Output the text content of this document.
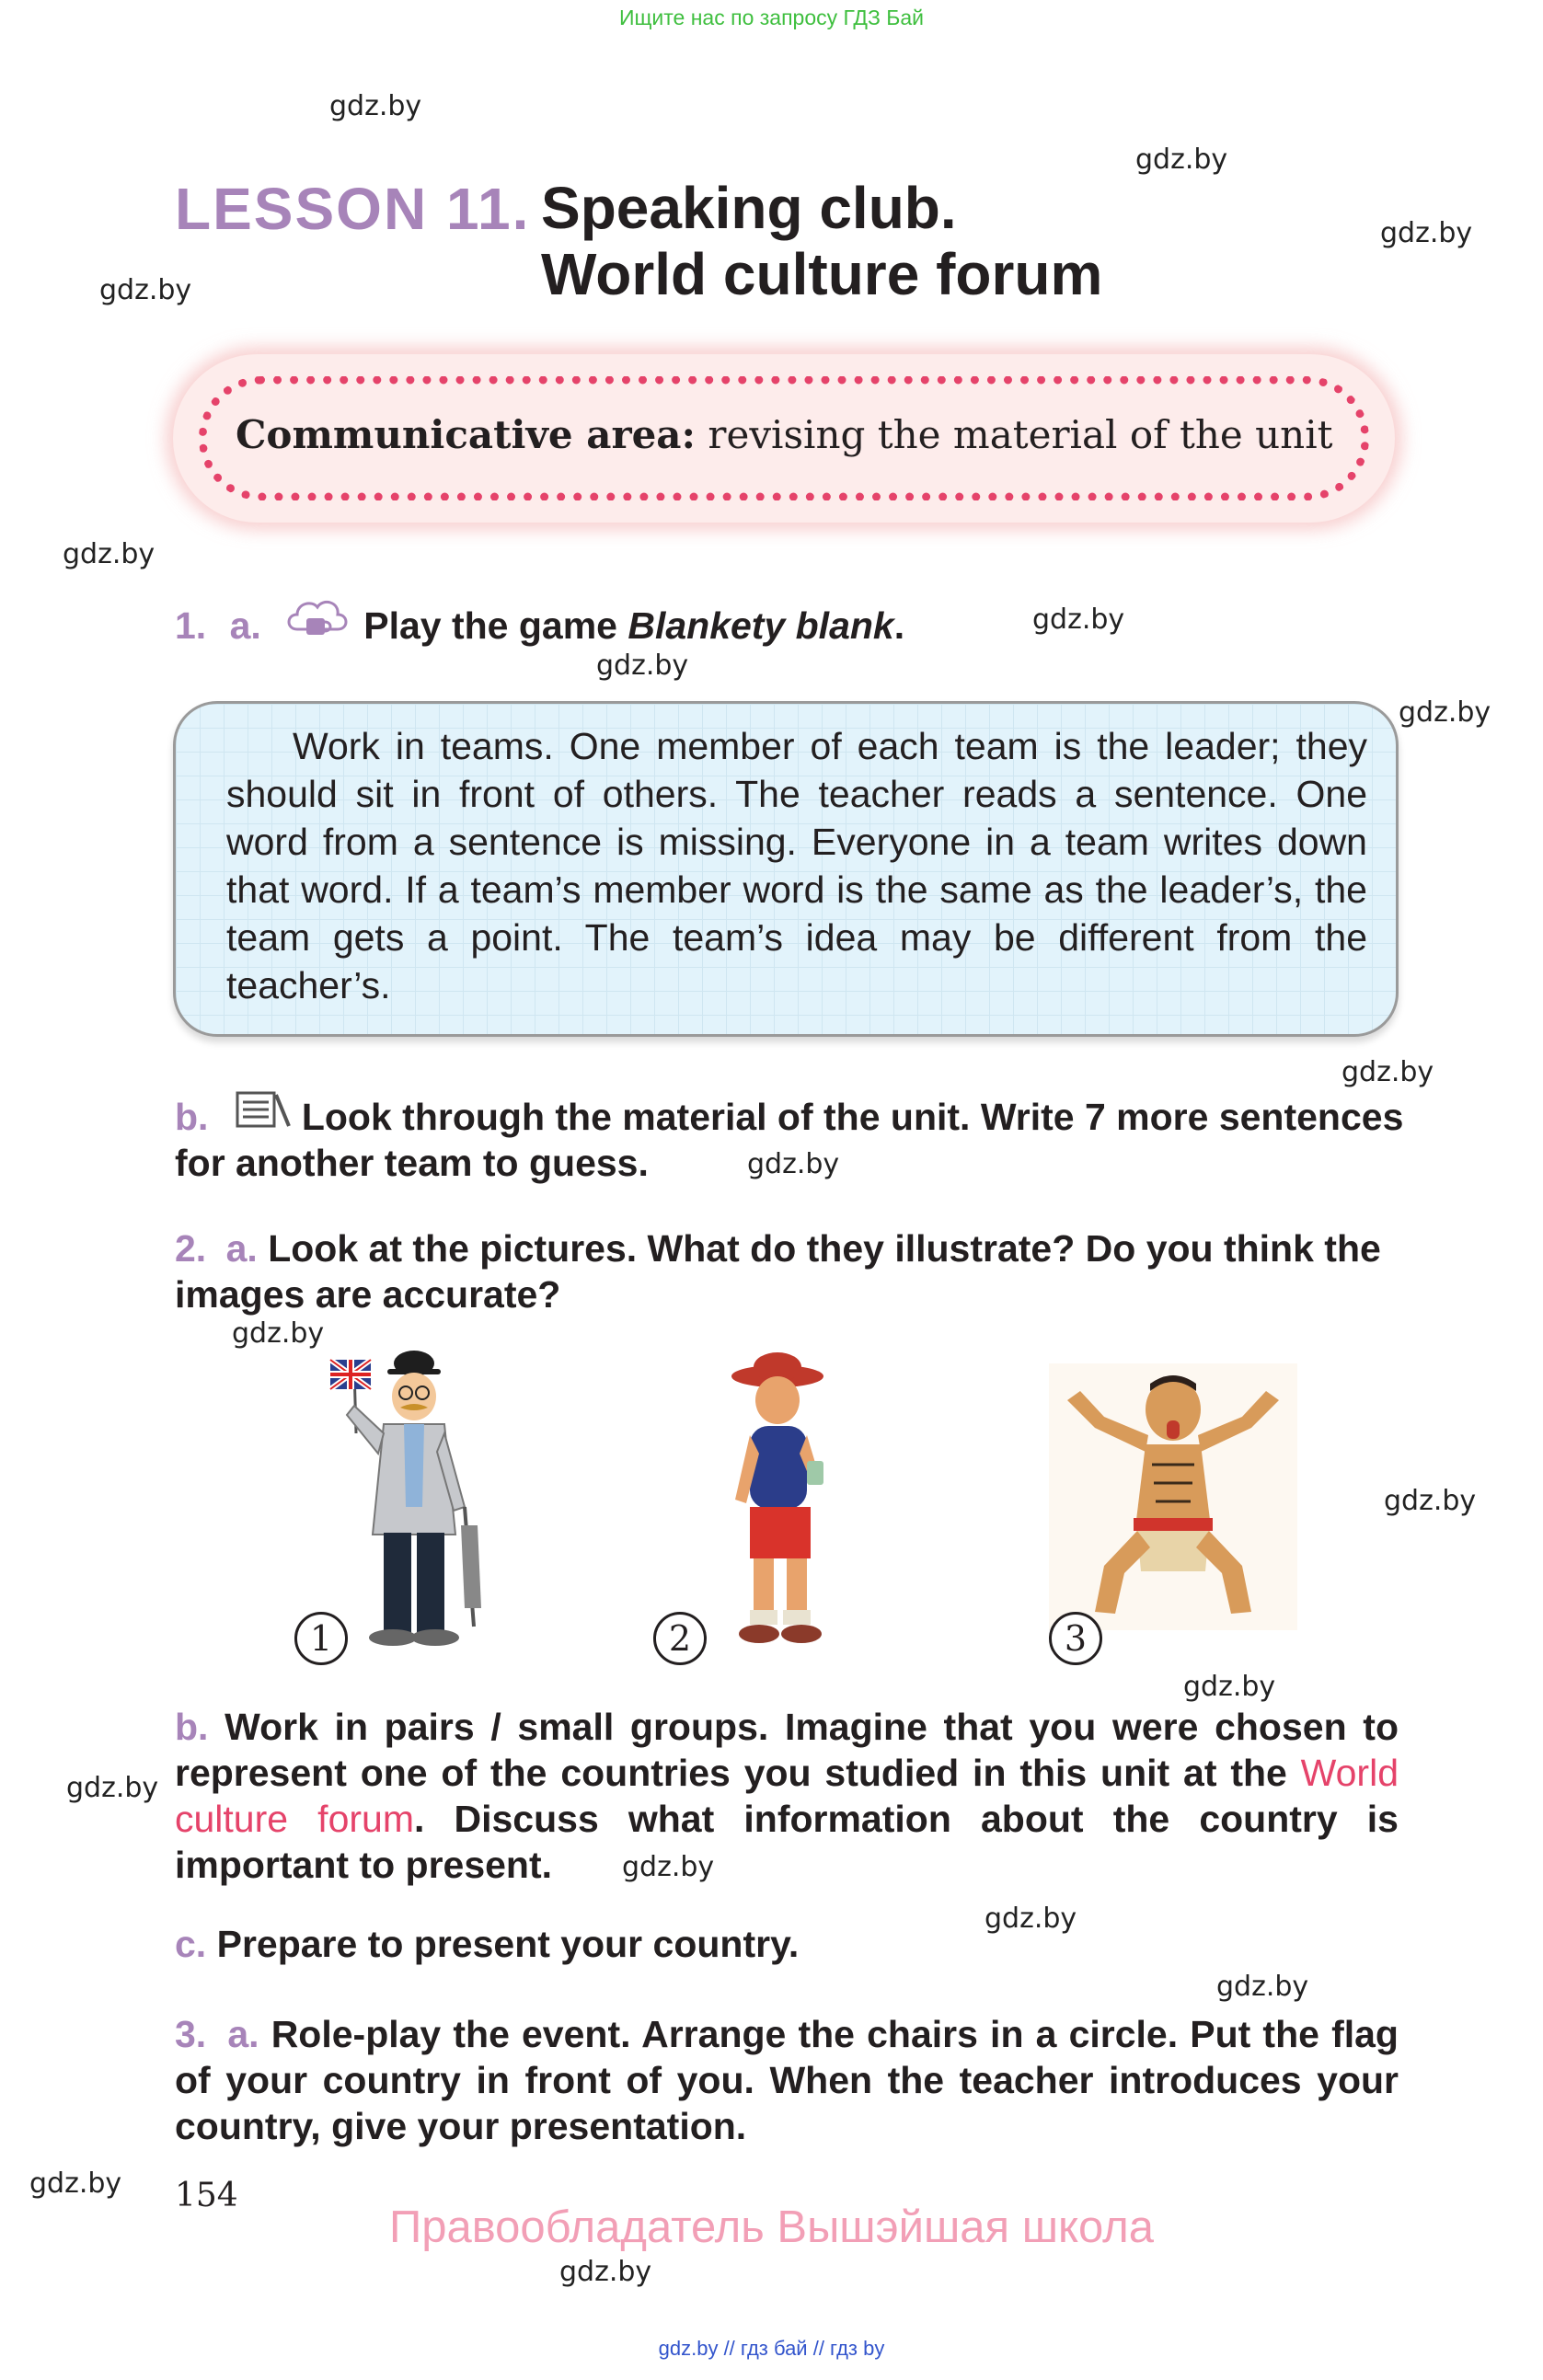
Ищите нас по запросу ГДЗ Бай
gdz.by
gdz.by
gdz.by
gdz.by
gdz.by
gdz.by
gdz.by
gdz.by
gdz.by
gdz.by
gdz.by
gdz.by
gdz.by
gdz.by
gdz.by
gdz.by
gdz.by
gdz.by
gdz.by
LESSON 11. Speaking club.
World culture forum
Communicative area: revising the material of the unit
1. a.	Play the game Blankety blank.
Work in teams. One member of each team is the leader; they should sit in front of others. The teacher reads a sentence. One word from a sentence is missing. Everyone in a team writes down that word. If a team’s member word is the same as the leader’s, the team gets a point. The team’s idea may be different from the teacher’s.
b. Look through the material of the unit. Write 7 more sentences
for another team to guess.
2. a. Look at the pictures. What do they illustrate? Do you think the
images are accurate?
1	2	3
b. Work in pairs / small groups. Imagine that you were chosen to represent one of the countries you studied in this unit at the World culture forum. Discuss what information about the country is important to present.
c. Prepare to present your country.
3. a. Role-play the event. Arrange the chairs in a circle. Put the flag of your country in front of you. When the teacher introduces your country, give your presentation.
154
Правообладатель Вышэйшая школа
gdz.by // гдз бай // гдз by
